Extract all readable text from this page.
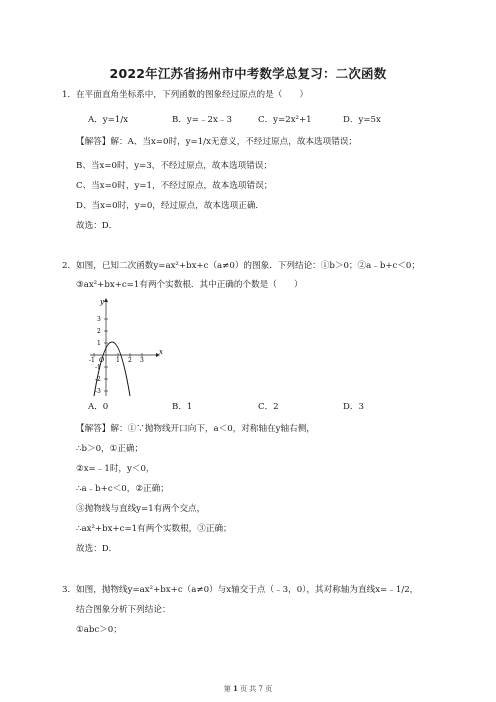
2022年江苏省扬州市中考数学总复习：二次函数
1．在平面直角坐标系中，下列函数的图象经过原点的是（　　）
【解答】解：A、当x=0时，y=1/x无意义，不经过原点，故本选项错误；
B、当x=0时，y=3，不经过原点，故本选项错误；
C、当x=0时，y=1，不经过原点，故本选项错误；
D、当x=0时，y=0，经过原点，故本选项正确．
故选：D．
2．如图，已知二次函数y=ax²+bx+c（a≠0）的图象．下列结论：①b＞0；②a﹣b+c＜0；
③ax²+bx+c=1有两个实数根．其中正确的个数是（　　）
【解答】解：①∵抛物线开口向下，a＜0，对称轴在y轴右侧，
∴b＞0，①正确；
②x=﹣1时，y＜0，
∴a﹣b+c＜0，②正确；
③抛物线与直线y=1有两个交点，
∴ax²+bx+c=1有两个实数根，③正确；
故选：D．
3．如图，抛物线y=ax²+bx+c（a≠0）与x轴交于点（﹣3，0），其对称轴为直线x=﹣1/2，
结合图象分析下列结论：
①abc＞0；
A．y=1/x	B．y=﹣2x﹣3	C．y=2x²+1	D．y=5x
A．0	B．1	C．2	D．3
y
x
O
-1	1 2 3
3
2
1
-1
-2
-3
第 1 页 共 7 页
